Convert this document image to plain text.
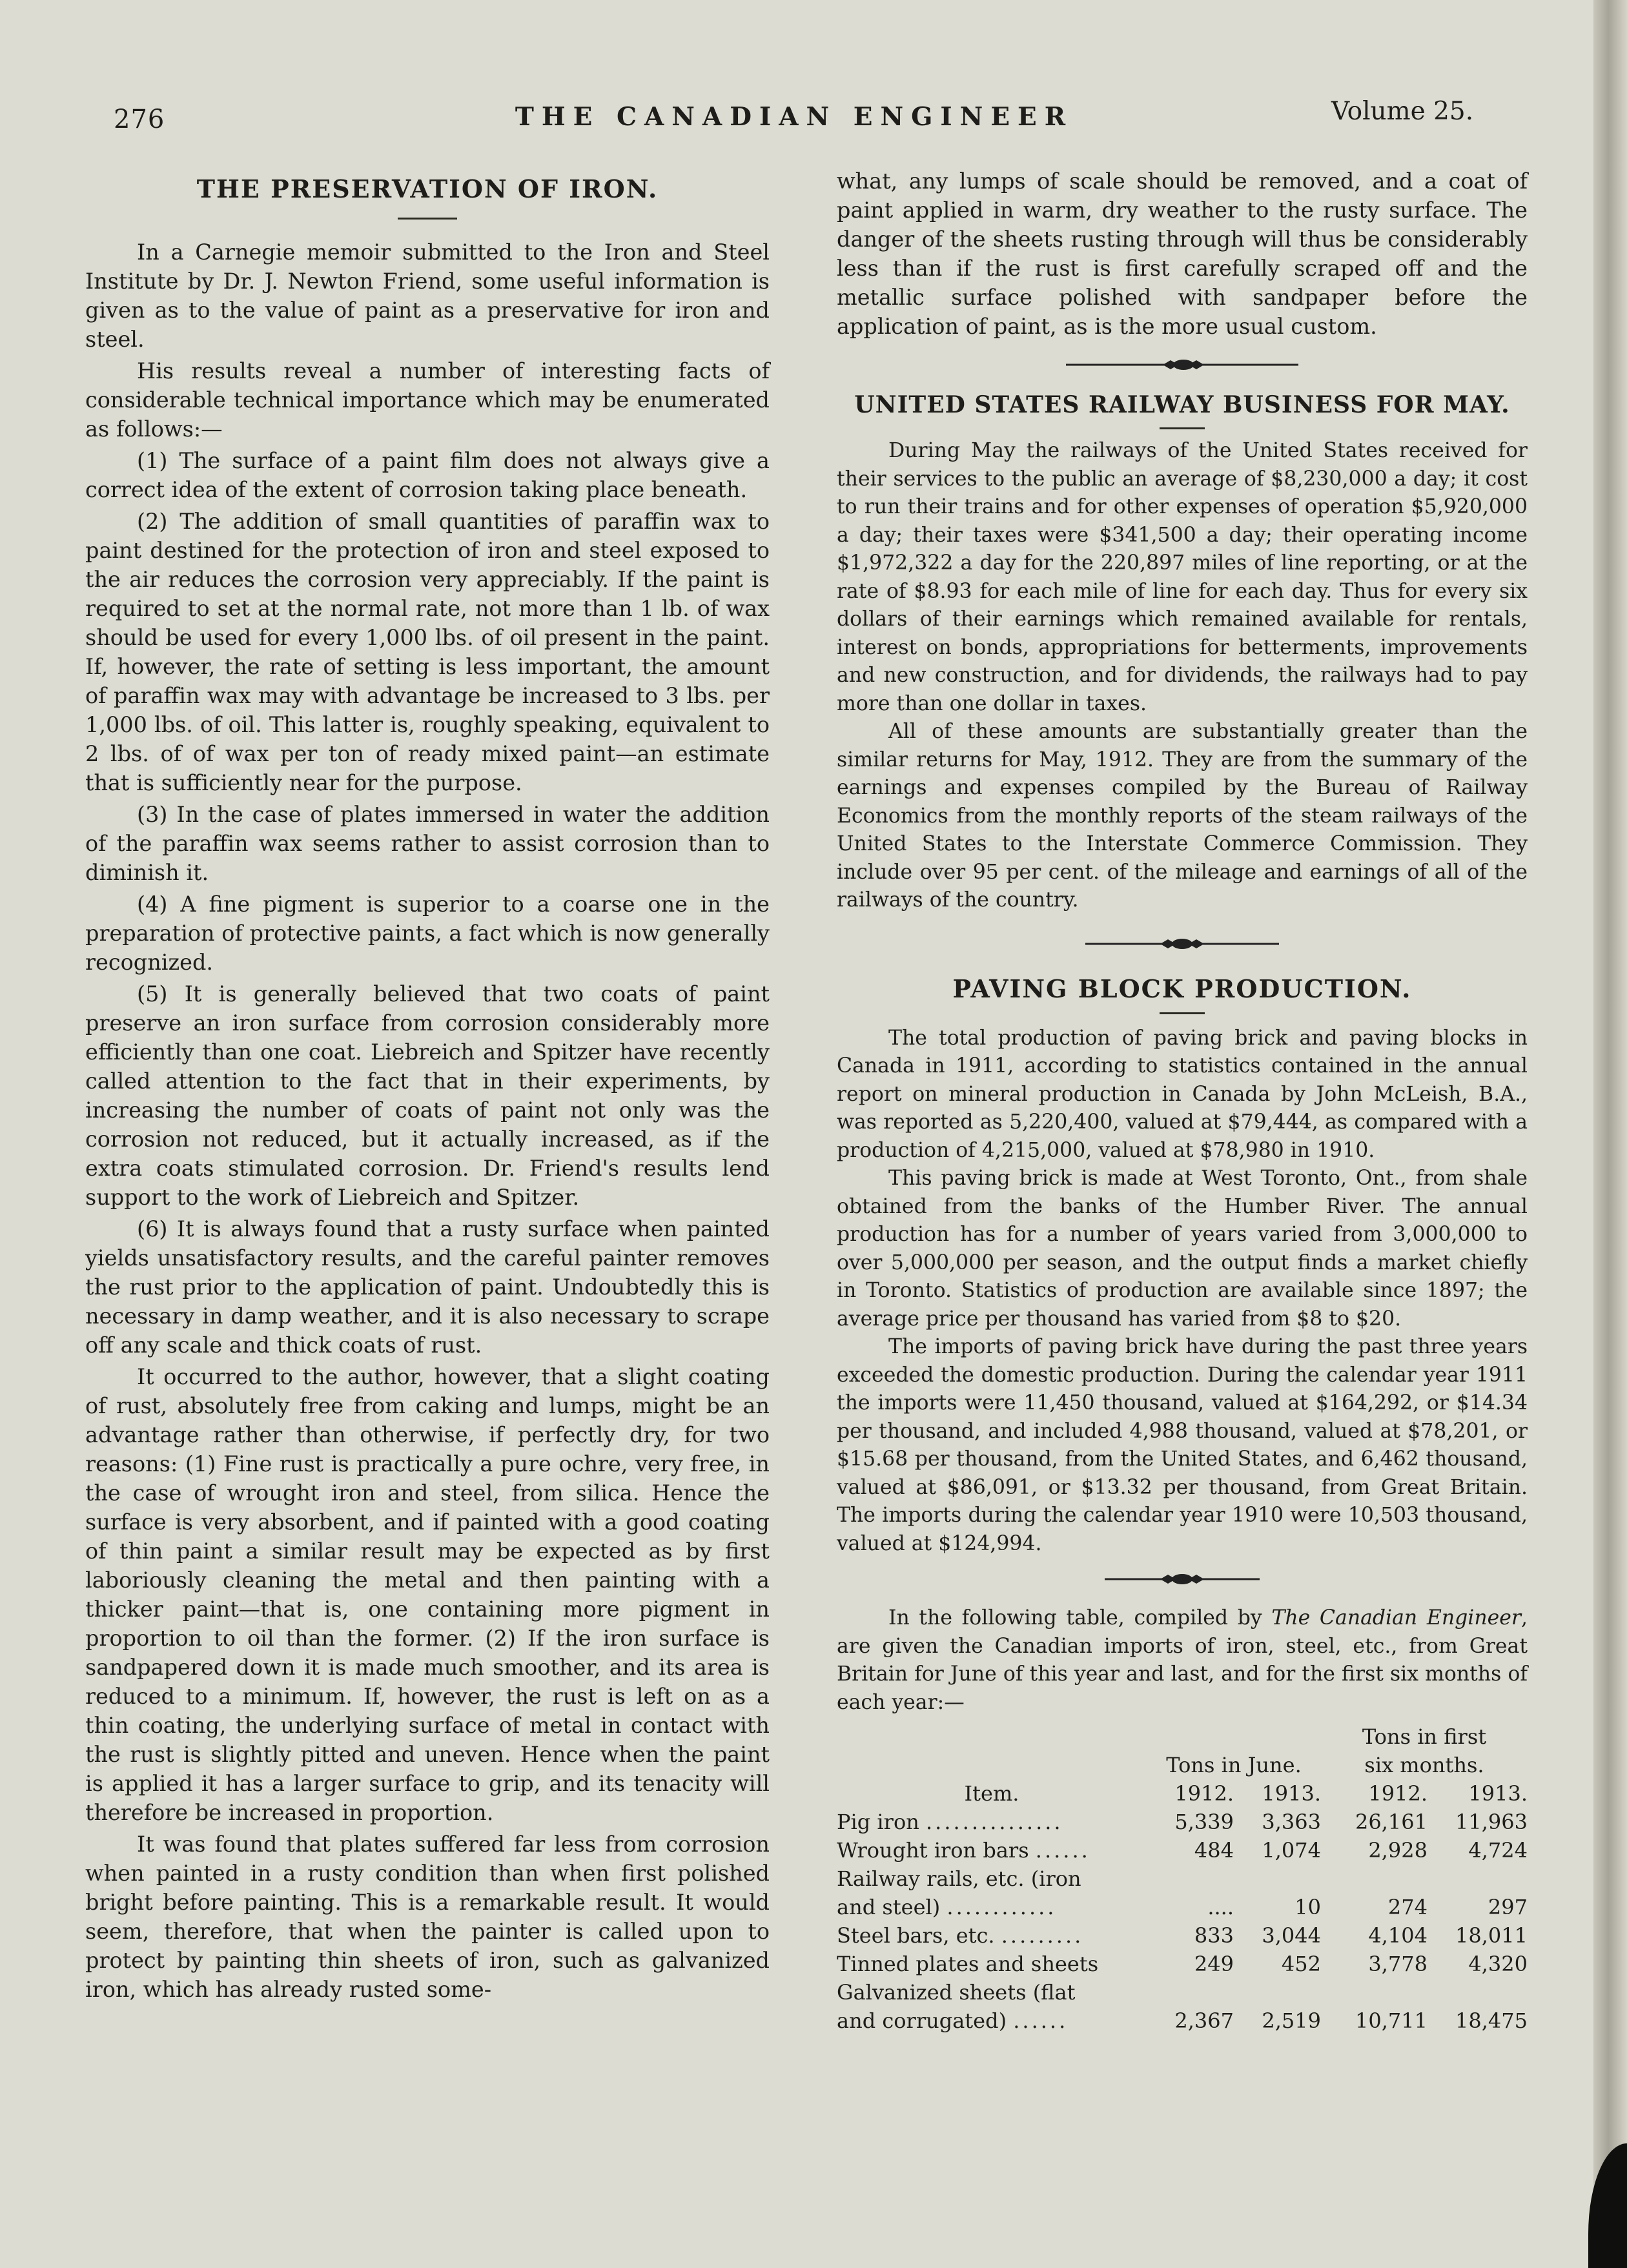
276	THE CANADIAN ENGINEER	Volume 25.
THE PRESERVATION OF IRON.

In a Carnegie memoir submitted to the Iron and Steel Institute by Dr. J. Newton Friend, some useful information is given as to the value of paint as a preservative for iron and steel.

His results reveal a number of interesting facts of considerable technical importance which may be enumerated as follows:—

(1) The surface of a paint film does not always give a correct idea of the extent of corrosion taking place beneath.

(2) The addition of small quantities of paraffin wax to paint destined for the protection of iron and steel exposed to the air reduces the corrosion very appreciably. If the paint is required to set at the normal rate, not more than 1 lb. of wax should be used for every 1,000 lbs. of oil present in the paint. If, however, the rate of setting is less important, the amount of paraffin wax may with advantage be increased to 3 lbs. per 1,000 lbs. of oil. This latter is, roughly speaking, equivalent to 2 lbs. of of wax per ton of ready mixed paint—an estimate that is sufficiently near for the purpose.

(3) In the case of plates immersed in water the addition of the paraffin wax seems rather to assist corrosion than to diminish it.

(4) A fine pigment is superior to a coarse one in the preparation of protective paints, a fact which is now generally recognized.

(5) It is generally believed that two coats of paint preserve an iron surface from corrosion considerably more efficiently than one coat. Liebreich and Spitzer have recently called attention to the fact that in their experiments, by increasing the number of coats of paint not only was the corrosion not reduced, but it actually increased, as if the extra coats stimulated corrosion. Dr. Friend's results lend support to the work of Liebreich and Spitzer.

(6) It is always found that a rusty surface when painted yields unsatisfactory results, and the careful painter removes the rust prior to the application of paint. Undoubtedly this is necessary in damp weather, and it is also necessary to scrape off any scale and thick coats of rust.

It occurred to the author, however, that a slight coating of rust, absolutely free from caking and lumps, might be an advantage rather than otherwise, if perfectly dry, for two reasons: (1) Fine rust is practically a pure ochre, very free, in the case of wrought iron and steel, from silica. Hence the surface is very absorbent, and if painted with a good coating of thin paint a similar result may be expected as by first laboriously cleaning the metal and then painting with a thicker paint—that is, one containing more pigment in proportion to oil than the former. (2) If the iron surface is sandpapered down it is made much smoother, and its area is reduced to a minimum. If, however, the rust is left on as a thin coating, the underlying surface of metal in contact with the rust is slightly pitted and uneven. Hence when the paint is applied it has a larger surface to grip, and its tenacity will therefore be increased in proportion.

It was found that plates suffered far less from corrosion when painted in a rusty condition than when first polished bright before painting. This is a remarkable result. It would seem, therefore, that when the painter is called upon to protect by painting thin sheets of iron, such as galvanized iron, which has already rusted some-

what, any lumps of scale should be removed, and a coat of paint applied in warm, dry weather to the rusty surface. The danger of the sheets rusting through will thus be considerably less than if the rust is first carefully scraped off and the metallic surface polished with sandpaper before the application of paint, as is the more usual custom.

UNITED STATES RAILWAY BUSINESS FOR MAY.

During May the railways of the United States received for their services to the public an average of $8,230,000 a day; it cost to run their trains and for other expenses of operation $5,920,000 a day; their taxes were $341,500 a day; their operating income $1,972,322 a day for the 220,897 miles of line reporting, or at the rate of $8.93 for each mile of line for each day. Thus for every six dollars of their earnings which remained available for rentals, interest on bonds, appropriations for betterments, improvements and new construction, and for dividends, the railways had to pay more than one dollar in taxes.

All of these amounts are substantially greater than the similar returns for May, 1912. They are from the summary of the earnings and expenses compiled by the Bureau of Railway Economics from the monthly reports of the steam railways of the United States to the Interstate Commerce Commission. They include over 95 per cent. of the mileage and earnings of all of the railways of the country.

PAVING BLOCK PRODUCTION.

The total production of paving brick and paving blocks in Canada in 1911, according to statistics contained in the annual report on mineral production in Canada by John McLeish, B.A., was reported as 5,220,400, valued at $79,444, as compared with a production of 4,215,000, valued at $78,980 in 1910.

This paving brick is made at West Toronto, Ont., from shale obtained from the banks of the Humber River. The annual production has for a number of years varied from 3,000,000 to over 5,000,000 per season, and the output finds a market chiefly in Toronto. Statistics of production are available since 1897; the average price per thousand has varied from $8 to $20.

The imports of paving brick have during the past three years exceeded the domestic production. During the calendar year 1911 the imports were 11,450 thousand, valued at $164,292, or $14.34 per thousand, and included 4,988 thousand, valued at $78,201, or $15.68 per thousand, from the United States, and 6,462 thousand, valued at $86,091, or $13.32 per thousand, from Great Britain. The imports during the calendar year 1910 were 10,503 thousand, valued at $124,994.

In the following table, compiled by The Canadian Engineer, are given the Canadian imports of iron, steel, etc., from Great Britain for June of this year and last, and for the first six months of each year:—

			Tons in first	
	Tons in June.		six months.	
Item.	1912.	1913.	1912.	1913.
Pig iron ...............	5,339	3,363	26,161	11,963
Wrought iron bars ......	484	1,074	2,928	4,724
Railway rails, etc. (iron				
and steel) ............	....	10	274	297
Steel bars, etc. .........	833	3,044	4,104	18,011
Tinned plates and sheets	249	452	3,778	4,320
Galvanized sheets (flat				
and corrugated) ......	2,367	2,519	10,711	18,475
